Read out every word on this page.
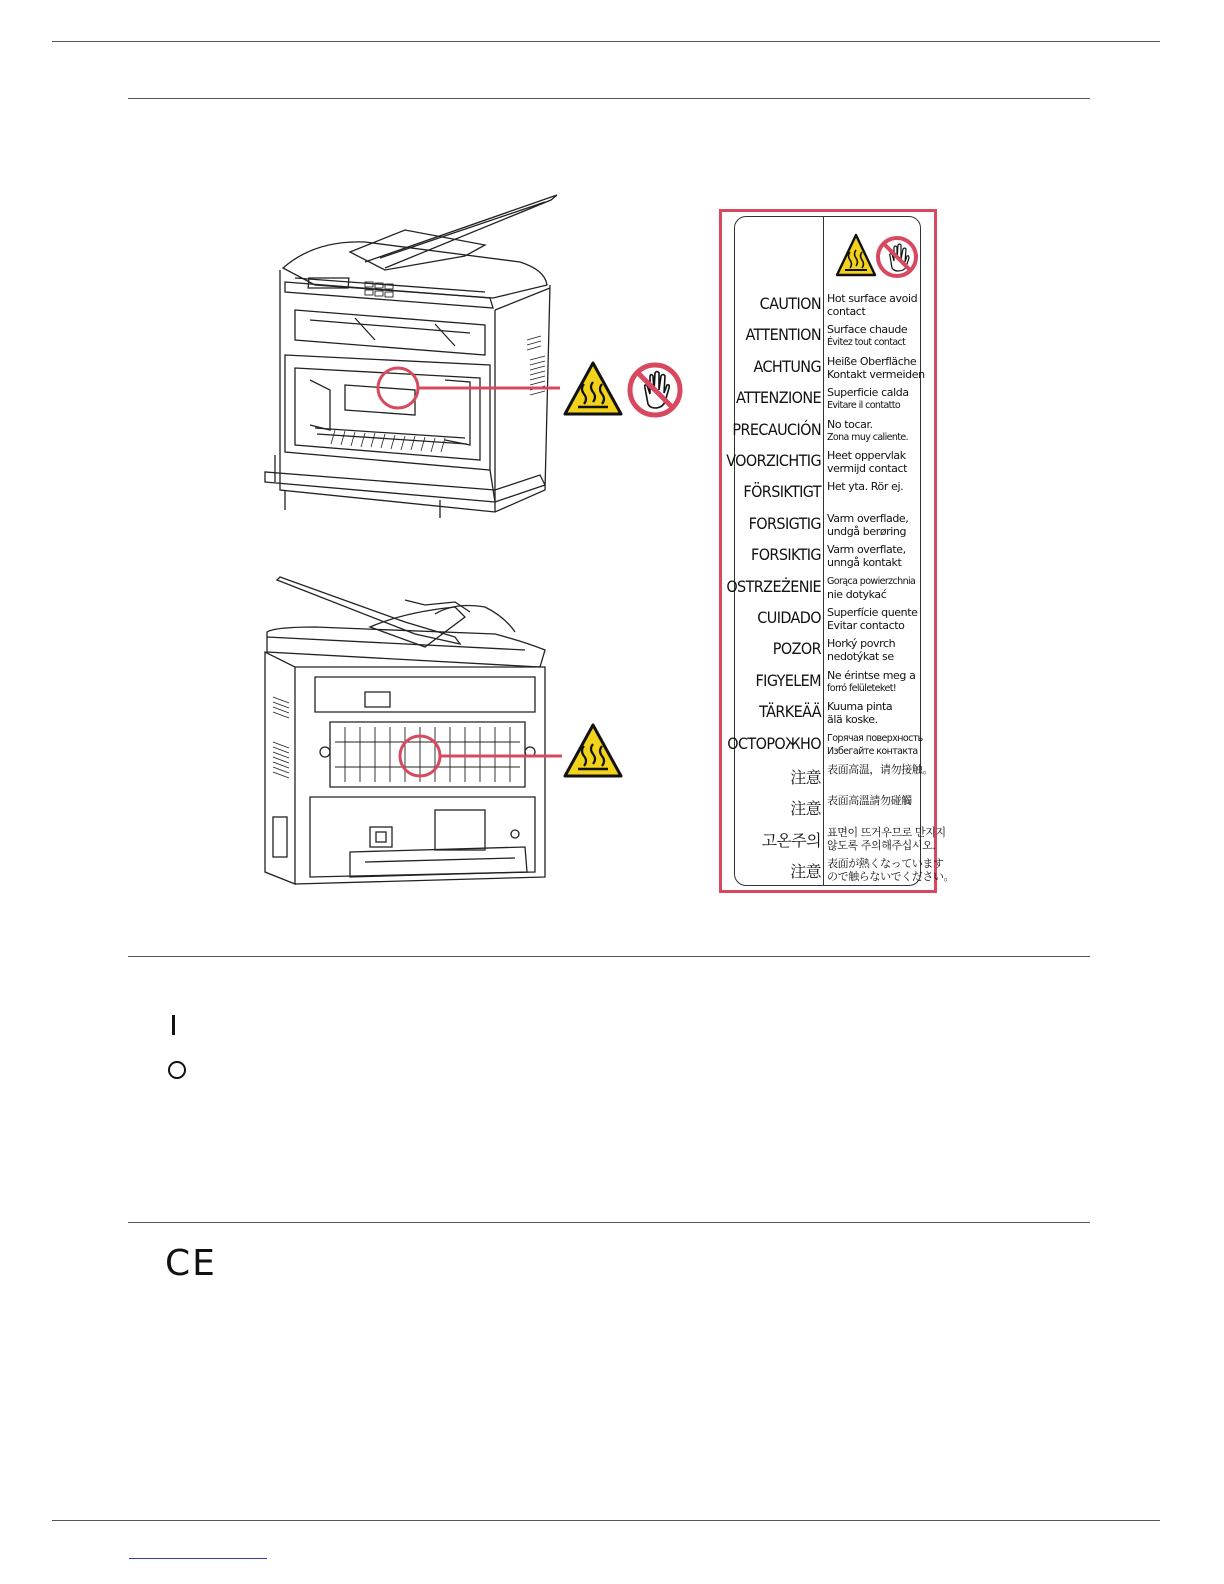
CAUTION Hot surface avoid
contact
ATTENTION Surface chaude
Évitez tout contact
ACHTUNG Heiße Oberfläche
Kontakt vermeiden
ATTENZIONE Superficie calda
Evitare il contatto
PRECAUCIÓN No tocar.
Zona muy caliente.
VOORZICHTIG Heet oppervlak
vermijd contact
FÖRSIKTIGT Het yta. Rör ej.
FORSIGTIG Varm overflade,
undgå berøring
FORSIKTIG Varm overflate,
unngå kontakt
OSTRZEŻENIE Gorąca powierzchnia
nie dotykać
CUIDADO Superfície quente
Evitar contacto
POZOR Horký povrch
nedotýkat se
FIGYELEM Ne érintse meg a
forró felületeket!
TÄRKEÄÄ Kuuma pinta
älä koske.
ОСТОРОЖНО Горячая поверхность
Избегайте контакта
注意 表面高温，请勿接触。
注意 表面高溫請勿碰觸
고온주의 표면이 뜨거우므로 만지지
않도록 주의해주십시오.
注意 表面が熱くなっています
ので触らないでください。
CE
